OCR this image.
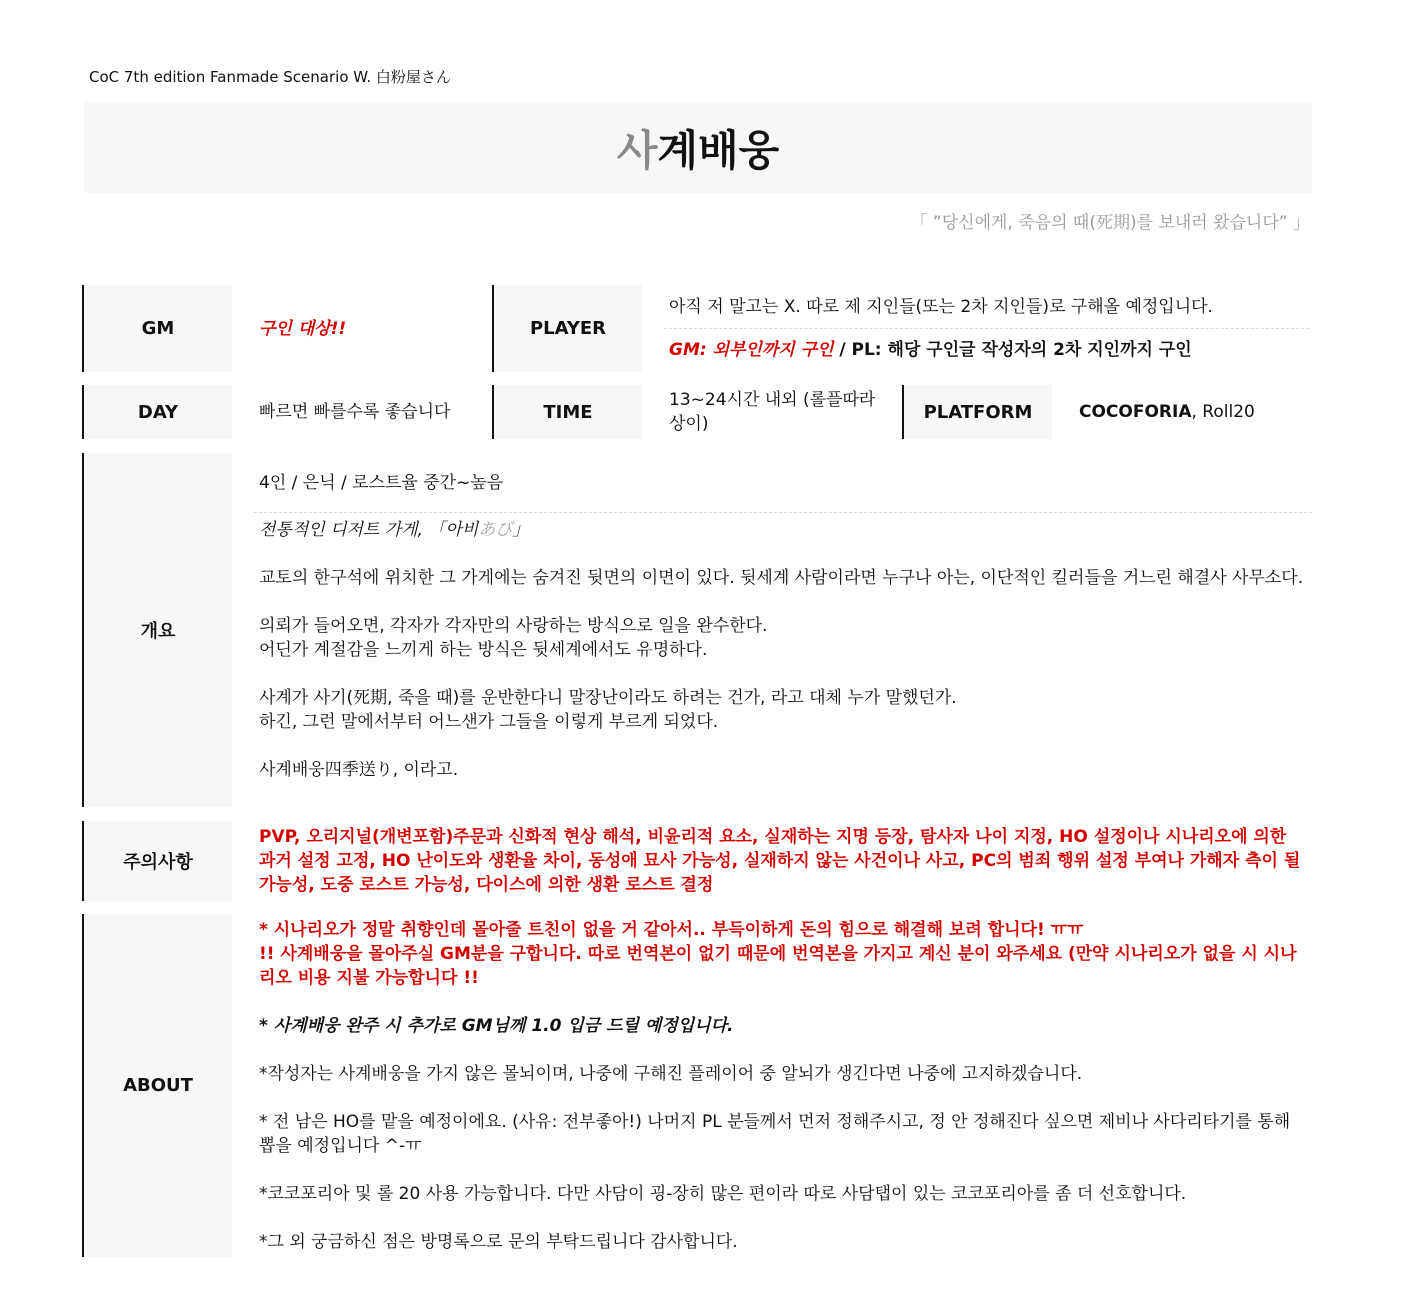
CoC 7th edition Fanmade Scenario W. 白粉屋さん
사 계배웅
「 ”당신에게, 죽음의 때(死期)를 보내러 왔습니다” 」
GM	구인 대상!!	PLAYER
아직 저 말고는 X. 따로 제 지인들(또는 2차 지인들)로 구해올 예정입니다.
GM: 외부인까지 구인 / PL: 해당 구인글 작성자의 2차 지인까지 구인
DAY	빠르면 빠를수록 좋습니다	TIME
13~24시간 내외 (롤플따라 상이)
PLATFORM	COCOFORIA, Roll20
개요
4인 / 은닉 / 로스트율 중간~높음

전통적인 디저트 가게, 「아비あび」

교토의 한구석에 위치한 그 가게에는 숨겨진 뒷면의 이면이 있다. 뒷세계 사람이라면 누구나 아는, 이단적인 킬러들을 거느린 해결사 사무소다.

의뢰가 들어오면, 각자가 각자만의 사랑하는 방식으로 일을 완수한다.
어딘가 계절감을 느끼게 하는 방식은 뒷세계에서도 유명하다.

사계가 사기(死期, 죽을 때)를 운반한다니 말장난이라도 하려는 건가, 라고 대체 누가 말했던가.
하긴, 그런 말에서부터 어느샌가 그들을 이렇게 부르게 되었다.

사계배웅四季送り, 이라고.

주의사항
PVP, 오리지널(개변포함)주문과 신화적 현상 해석, 비윤리적 요소, 실재하는 지명 등장, 탐사자 나이 지정, HO 설정이나 시나리오에 의한 과거 설정 고정, HO 난이도와 생환율 차이, 동성애 묘사 가능성, 실재하지 않는 사건이나 사고, PC의 범죄 행위 설정 부여나 가해자 측이 될 가능성, 도중 로스트 가능성, 다이스에 의한 생환 로스트 결정
ABOUT

* 시나리오가 정말 취향인데 몰아줄 트친이 없을 거 같아서.. 부득이하게 돈의 힘으로 해결해 보려 합니다! ㅠㅠ
!! 사계배웅을 몰아주실 GM분을 구합니다. 따로 번역본이 없기 때문에 번역본을 가지고 계신 분이 와주세요 (만약 시나리오가 없을 시 시나리오 비용 지불 가능합니다 !!

* 사계배웅 완주 시 추가로 GM님께 1.0 입금 드릴 예정입니다.

*작성자는 사계배웅을 가지 않은 몰뇌이며, 나중에 구해진 플레이어 중 알뇌가 생긴다면 나중에 고지하겠습니다.

* 전 남은 HO를 맡을 예정이에요. (사유: 전부좋아!) 나머지 PL 분들께서 먼저 정해주시고, 정 안 정해진다 싶으면 제비나 사다리타기를 통해 뽑을 예정입니다 ^-ㅠ

*코코포리아 및 롤 20 사용 가능합니다. 다만 사담이 굉-장히 많은 편이라 따로 사담탭이 있는 코코포리아를 좀 더 선호합니다.

*그 외 궁금하신 점은 방명록으로 문의 부탁드립니다 감사합니다.
